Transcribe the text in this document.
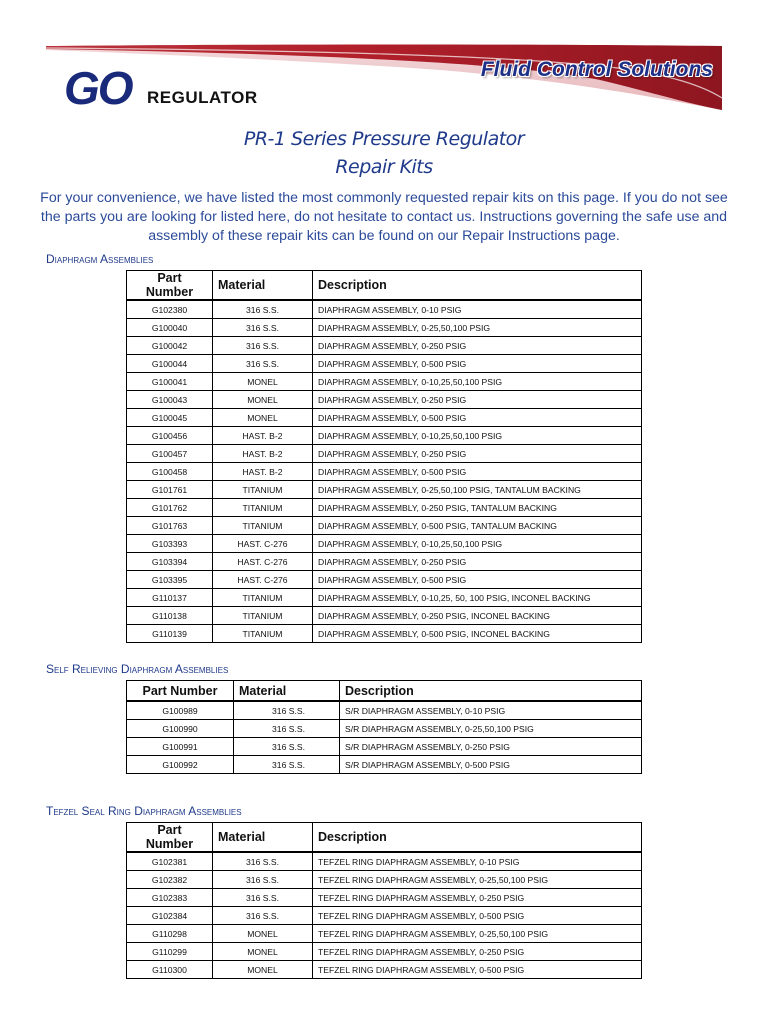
GO REGULATOR
Fluid Control Solutions
PR-1 Series Pressure Regulator
Repair Kits
For your convenience, we have listed the most commonly requested repair kits on this page. If you do not see the parts you are looking for listed here, do not hesitate to contact us. Instructions governing the safe use and assembly of these repair kits can be found on our Repair Instructions page.
Diaphragm Assemblies
Part Number	Material	Description
G102380	316 S.S.	DIAPHRAGM ASSEMBLY, 0-10 PSIG
G100040	316 S.S.	DIAPHRAGM ASSEMBLY, 0-25,50,100 PSIG
G100042	316 S.S.	DIAPHRAGM ASSEMBLY, 0-250 PSIG
G100044	316 S.S.	DIAPHRAGM ASSEMBLY, 0-500 PSIG
G100041	MONEL	DIAPHRAGM ASSEMBLY, 0-10,25,50,100 PSIG
G100043	MONEL	DIAPHRAGM ASSEMBLY, 0-250 PSIG
G100045	MONEL	DIAPHRAGM ASSEMBLY, 0-500 PSIG
G100456	HAST. B-2	DIAPHRAGM ASSEMBLY, 0-10,25,50,100 PSIG
G100457	HAST. B-2	DIAPHRAGM ASSEMBLY, 0-250 PSIG
G100458	HAST. B-2	DIAPHRAGM ASSEMBLY, 0-500 PSIG
G101761	TITANIUM	DIAPHRAGM ASSEMBLY, 0-25,50,100 PSIG, TANTALUM BACKING
G101762	TITANIUM	DIAPHRAGM ASSEMBLY, 0-250 PSIG, TANTALUM BACKING
G101763	TITANIUM	DIAPHRAGM ASSEMBLY, 0-500 PSIG, TANTALUM BACKING
G103393	HAST. C-276	DIAPHRAGM ASSEMBLY, 0-10,25,50,100 PSIG
G103394	HAST. C-276	DIAPHRAGM ASSEMBLY, 0-250 PSIG
G103395	HAST. C-276	DIAPHRAGM ASSEMBLY, 0-500 PSIG
G110137	TITANIUM	DIAPHRAGM ASSEMBLY, 0-10,25, 50, 100 PSIG, INCONEL BACKING
G110138	TITANIUM	DIAPHRAGM ASSEMBLY, 0-250 PSIG, INCONEL BACKING
G110139	TITANIUM	DIAPHRAGM ASSEMBLY, 0-500 PSIG, INCONEL BACKING
Self Relieving Diaphragm Assemblies
Part Number	Material	Description
G100989	316 S.S.	S/R DIAPHRAGM ASSEMBLY, 0-10 PSIG
G100990	316 S.S.	S/R DIAPHRAGM ASSEMBLY, 0-25,50,100 PSIG
G100991	316 S.S.	S/R DIAPHRAGM ASSEMBLY, 0-250 PSIG
G100992	316 S.S.	S/R DIAPHRAGM ASSEMBLY, 0-500 PSIG
Tefzel Seal Ring Diaphragm Assemblies
Part Number	Material	Description
G102381	316 S.S.	TEFZEL RING DIAPHRAGM ASSEMBLY, 0-10 PSIG
G102382	316 S.S.	TEFZEL RING DIAPHRAGM ASSEMBLY, 0-25,50,100 PSIG
G102383	316 S.S.	TEFZEL RING DIAPHRAGM ASSEMBLY, 0-250 PSIG
G102384	316 S.S.	TEFZEL RING DIAPHRAGM ASSEMBLY, 0-500 PSIG
G110298	MONEL	TEFZEL RING DIAPHRAGM ASSEMBLY, 0-25,50,100 PSIG
G110299	MONEL	TEFZEL RING DIAPHRAGM ASSEMBLY, 0-250 PSIG
G110300	MONEL	TEFZEL RING DIAPHRAGM ASSEMBLY, 0-500 PSIG
